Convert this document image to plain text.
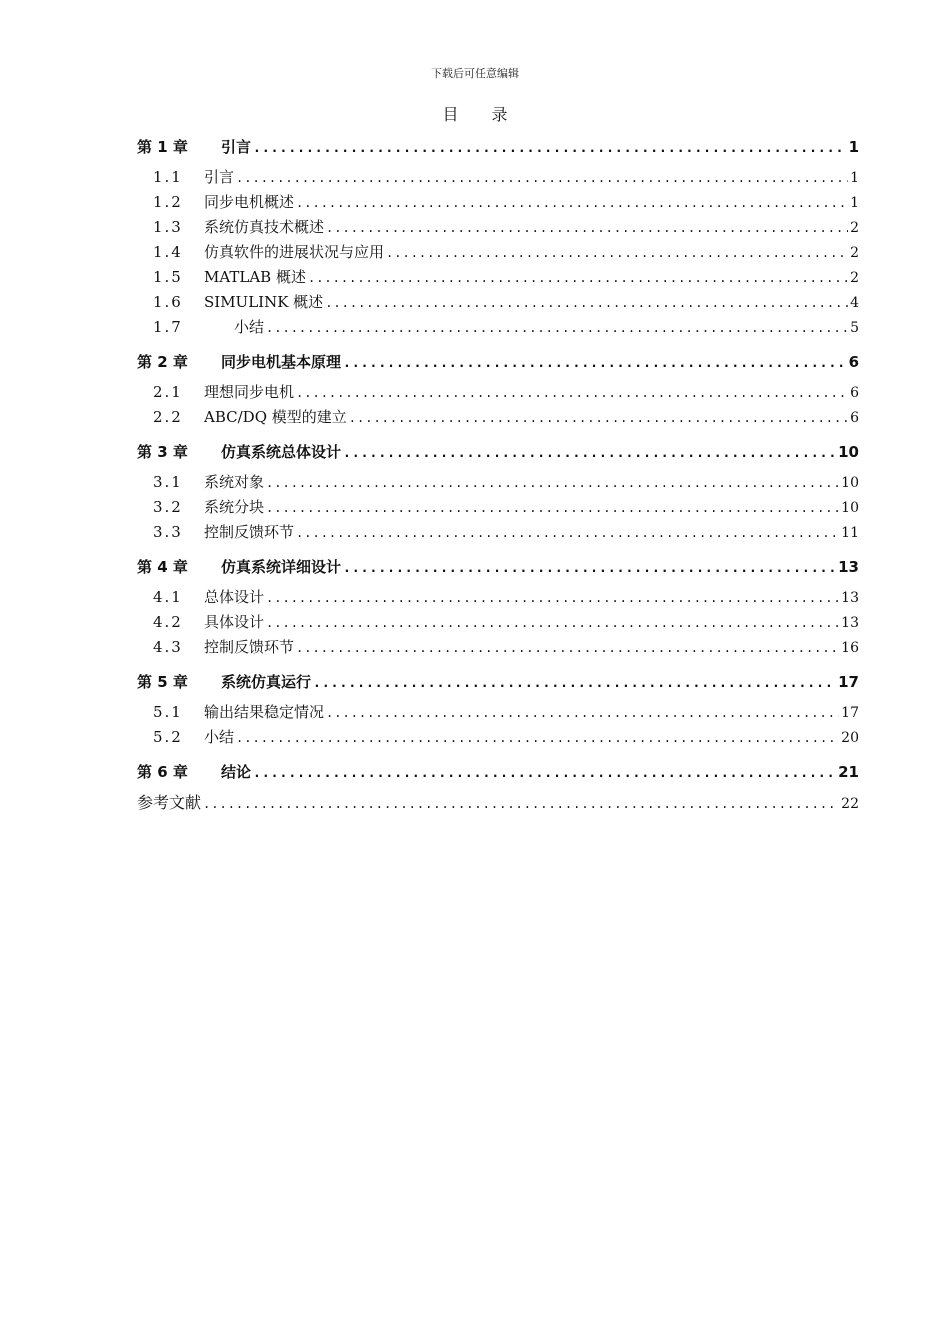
下载后可任意编辑
目 录
第 1 章	引言 .....	1
1.1	引言 .....	1
1.2	同步电机概述 .....	1
1.3	系统仿真技术概述 .....	2
1.4	仿真软件的进展状况与应用 .....	2
1.5	MATLAB 概述 .....	2
1.6	SIMULINK 概述 .....	4
1.7	小结 .....	5
第 2 章	同步电机基本原理 .....	6
2.1	理想同步电机 .....	6
2.2	ABC/DQ 模型的建立 .....	6
第 3 章	仿真系统总体设计 .....	10
3.1	系统对象 .....	10
3.2	系统分块 .....	10
3.3	控制反馈环节 .....	11
第 4 章	仿真系统详细设计 .....	13
4.1	总体设计 .....	13
4.2	具体设计 .....	13
4.3	控制反馈环节 .....	16
第 5 章	系统仿真运行 .....	17
5.1	输出结果稳定情况 .....	17
5.2	小结 .....	20
第 6 章	结论 .....	21
参考文献 .....	22
